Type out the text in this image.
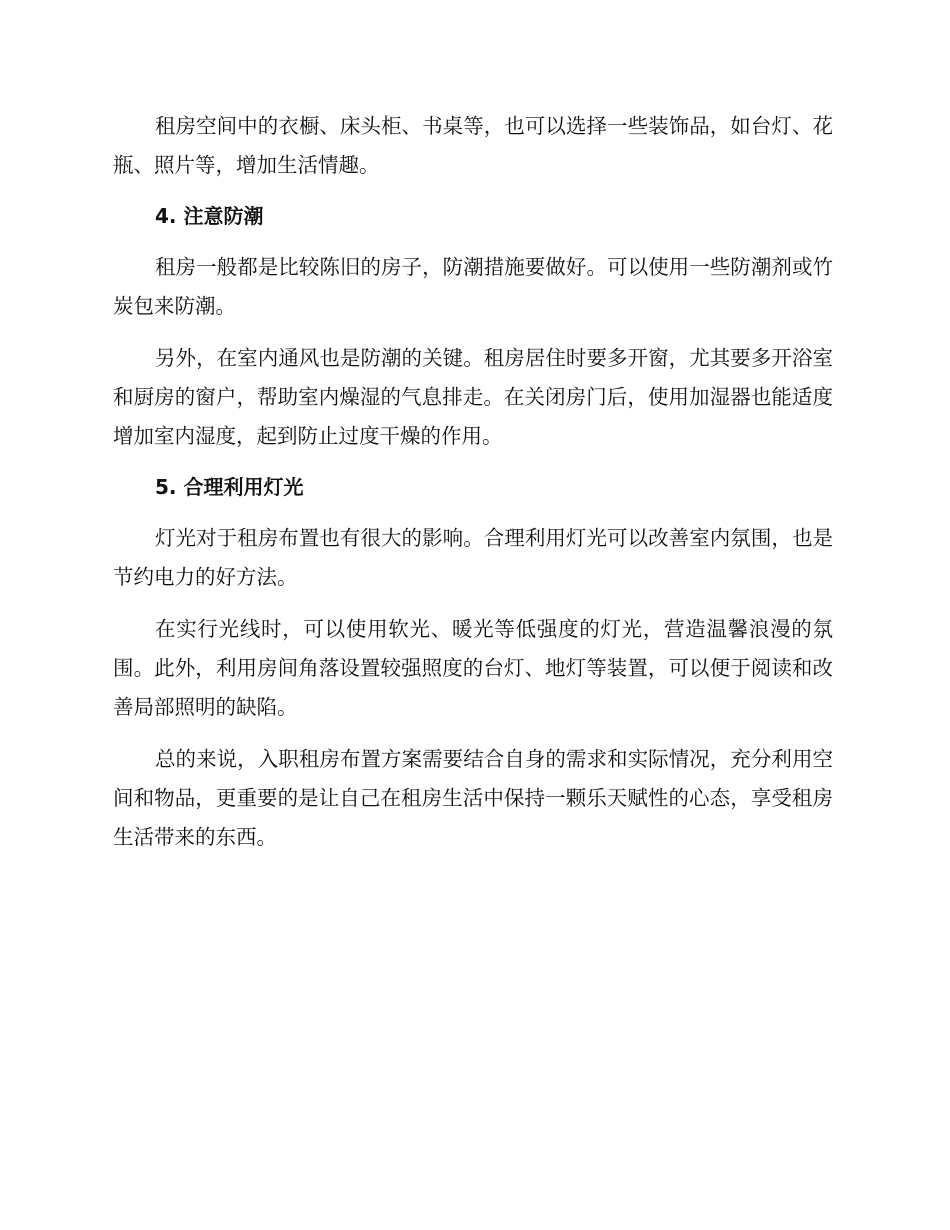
租房空间中的衣橱、床头柜、书桌等，也可以选择一些装饰品，如台灯、花瓶、照片等，增加生活情趣。

4. 注意防潮

租房一般都是比较陈旧的房子，防潮措施要做好。可以使用一些防潮剂或竹炭包来防潮。

另外，在室内通风也是防潮的关键。租房居住时要多开窗，尤其要多开浴室和厨房的窗户，帮助室内燥湿的气息排走。在关闭房门后，使用加湿器也能适度增加室内湿度，起到防止过度干燥的作用。

5. 合理利用灯光

灯光对于租房布置也有很大的影响。合理利用灯光可以改善室内氛围，也是节约电力的好方法。

在实行光线时，可以使用软光、暖光等低强度的灯光，营造温馨浪漫的氛围。此外，利用房间角落设置较强照度的台灯、地灯等装置，可以便于阅读和改善局部照明的缺陷。

总的来说，入职租房布置方案需要结合自身的需求和实际情况，充分利用空间和物品，更重要的是让自己在租房生活中保持一颗乐天赋性的心态，享受租房生活带来的东西。
